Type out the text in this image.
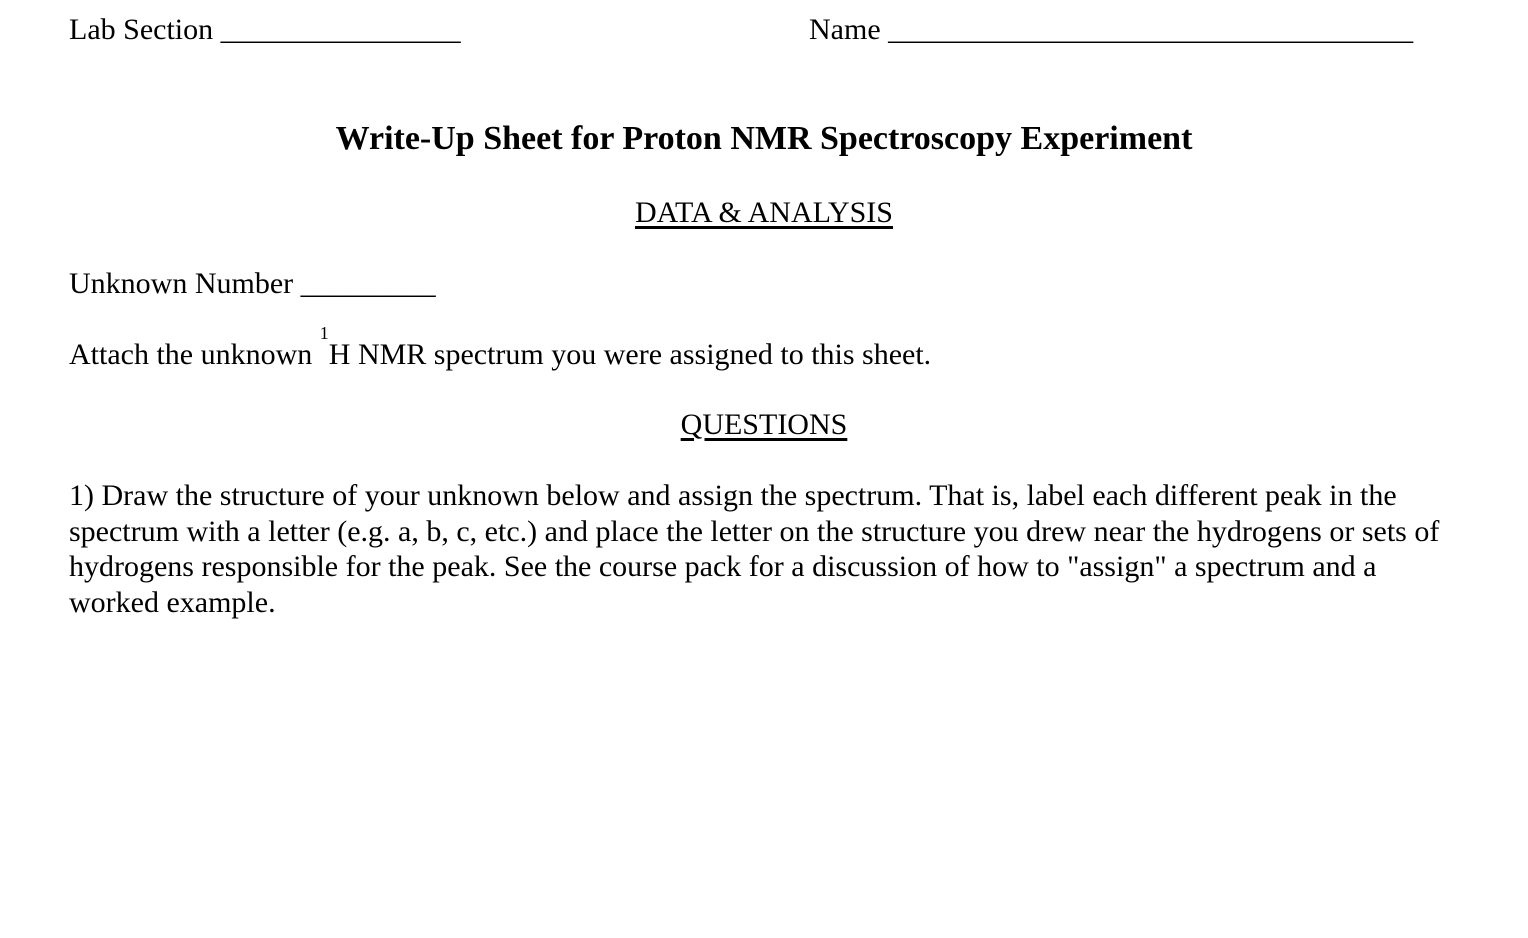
Lab Section ________________	Name ___________________________________
Write-Up Sheet for Proton NMR Spectroscopy Experiment
DATA & ANALYSIS
Unknown Number _________
Attach the unknown $^1$H NMR spectrum you were assigned to this sheet.
QUESTIONS
1) Draw the structure of your unknown below and assign the spectrum. That is, label each different peak in the spectrum with a letter (e.g. a, b, c, etc.) and place the letter on the structure you drew near the hydrogens or sets of hydrogens responsible for the peak. See the course pack for a discussion of how to "assign" a spectrum and a worked example.
